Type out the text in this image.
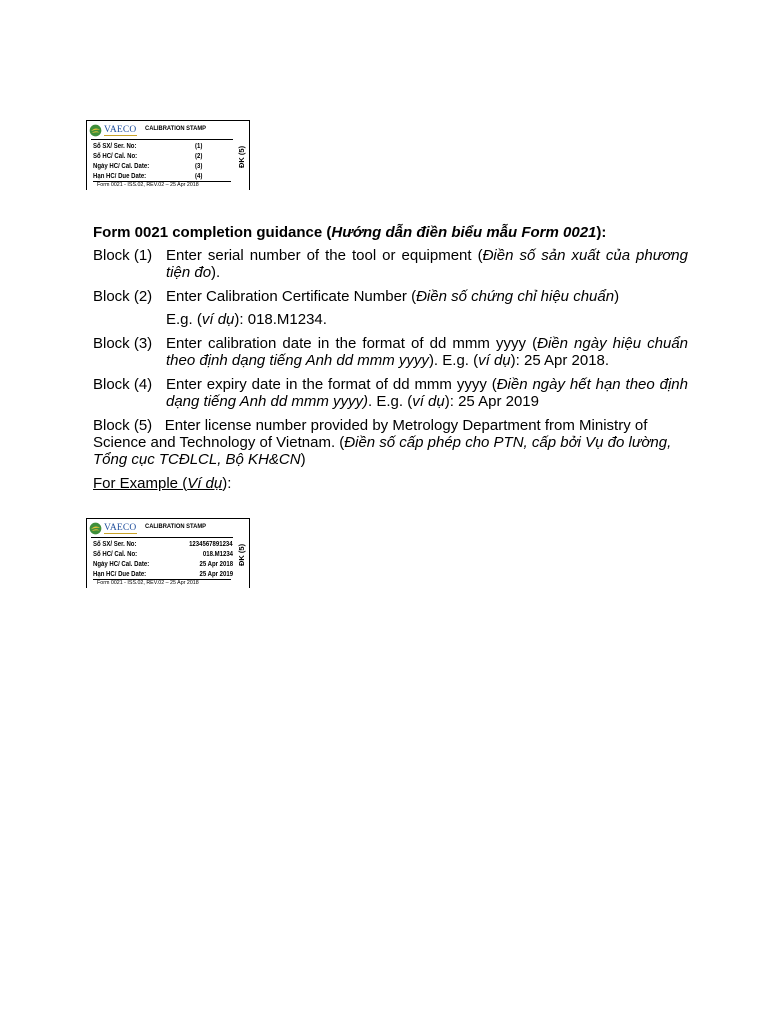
VAECO CALIBRATION STAMP
Số SX/ Ser. No:	(1)
Số HC/ Cal. No:	(2)
Ngày HC/ Cal. Date:	(3)
Hạn HC/ Due Date:	(4)
Form 0021 - ISS.02, REV.02 – 25 Apr 2018
ĐK (5)
Form 0021 completion guidance (Hướng dẫn điền biểu mẫu Form 0021):
Block (1) Enter serial number of the tool or equipment (Điền số sản xuất của phương tiện đo).
Block (2) Enter Calibration Certificate Number (Điền số chứng chỉ hiệu chuẩn)
E.g. (ví dụ): 018.M1234.
Block (3) Enter calibration date in the format of dd mmm yyyy (Điền ngày hiệu chuẩn theo định dạng tiếng Anh dd mmm yyyy). E.g. (ví dụ): 25 Apr 2018.
Block (4) Enter expiry date in the format of dd mmm yyyy (Điền ngày hết hạn theo định dạng tiếng Anh dd mmm yyyy). E.g. (ví dụ): 25 Apr 2019
Block (5) Enter license number provided by Metrology Department from Ministry of Science and Technology of Vietnam. (Điền số cấp phép cho PTN, cấp bởi Vụ đo lường, Tổng cục TCĐLCL, Bộ KH&CN)
For Example (Ví dụ):
VAECO CALIBRATION STAMP
Số SX/ Ser. No:	1234567891234
Số HC/ Cal. No:	018.M1234
Ngày HC/ Cal. Date:	25 Apr 2018
Hạn HC/ Due Date:	25 Apr 2019
Form 0021 - ISS.02, REV.02 – 25 Apr 2018
ĐK (5)
